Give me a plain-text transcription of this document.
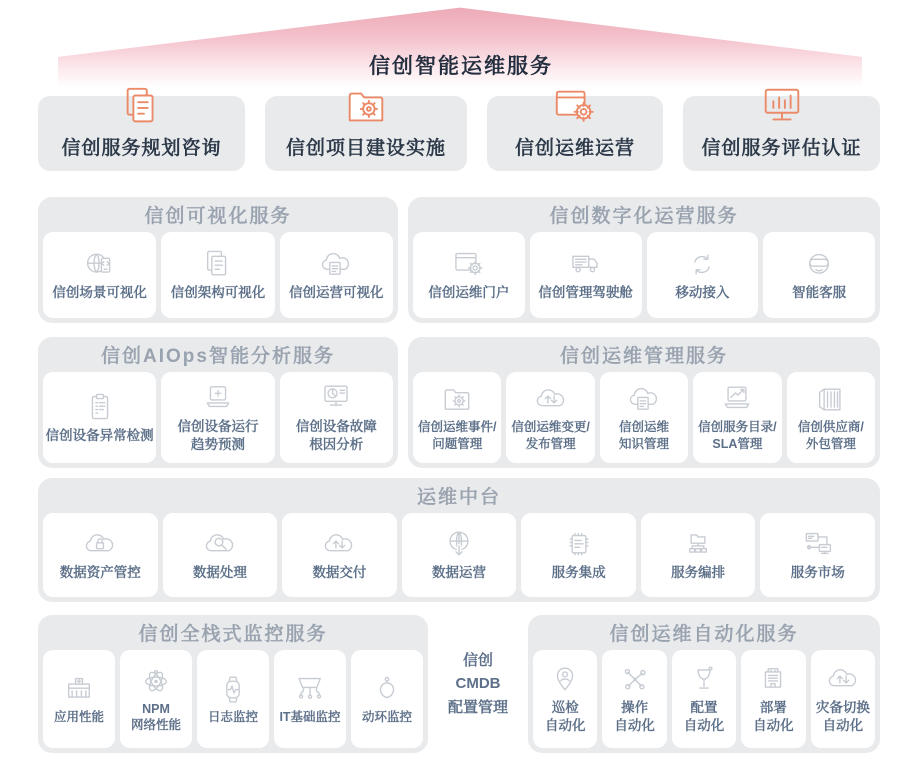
信创智能运维服务
信创服务规划咨询	信创项目建设实施	信创运维运营	信创服务评估认证
信创可视化服务
信创场景可视化 信创架构可视化 信创运营可视化
信创数字化运营服务
信创运维门户 信创管理驾驶舱	移动接入	智能客服
信创AIOps智能分析服务
信创设备异常检测
信创设备运行
趋势预测
信创设备故障
根因分析
信创运维管理服务
信创运维事件/
问题管理
信创运维变更/
发布管理
信创运维
知识管理
信创服务目录/
SLA管理
信创供应商/
外包管理
运维中台
数据资产管控	数据处理	数据交付	数据运营	服务集成	服务编排	服务市场
信创全栈式监控服务
应用性能
NPM
网络性能
日志监控 IT基础监控 动环监控
信创
CMDB
配置管理
信创运维自动化服务
巡检
自动化
操作
自动化
配置
自动化
部署
自动化
灾备切换
自动化
